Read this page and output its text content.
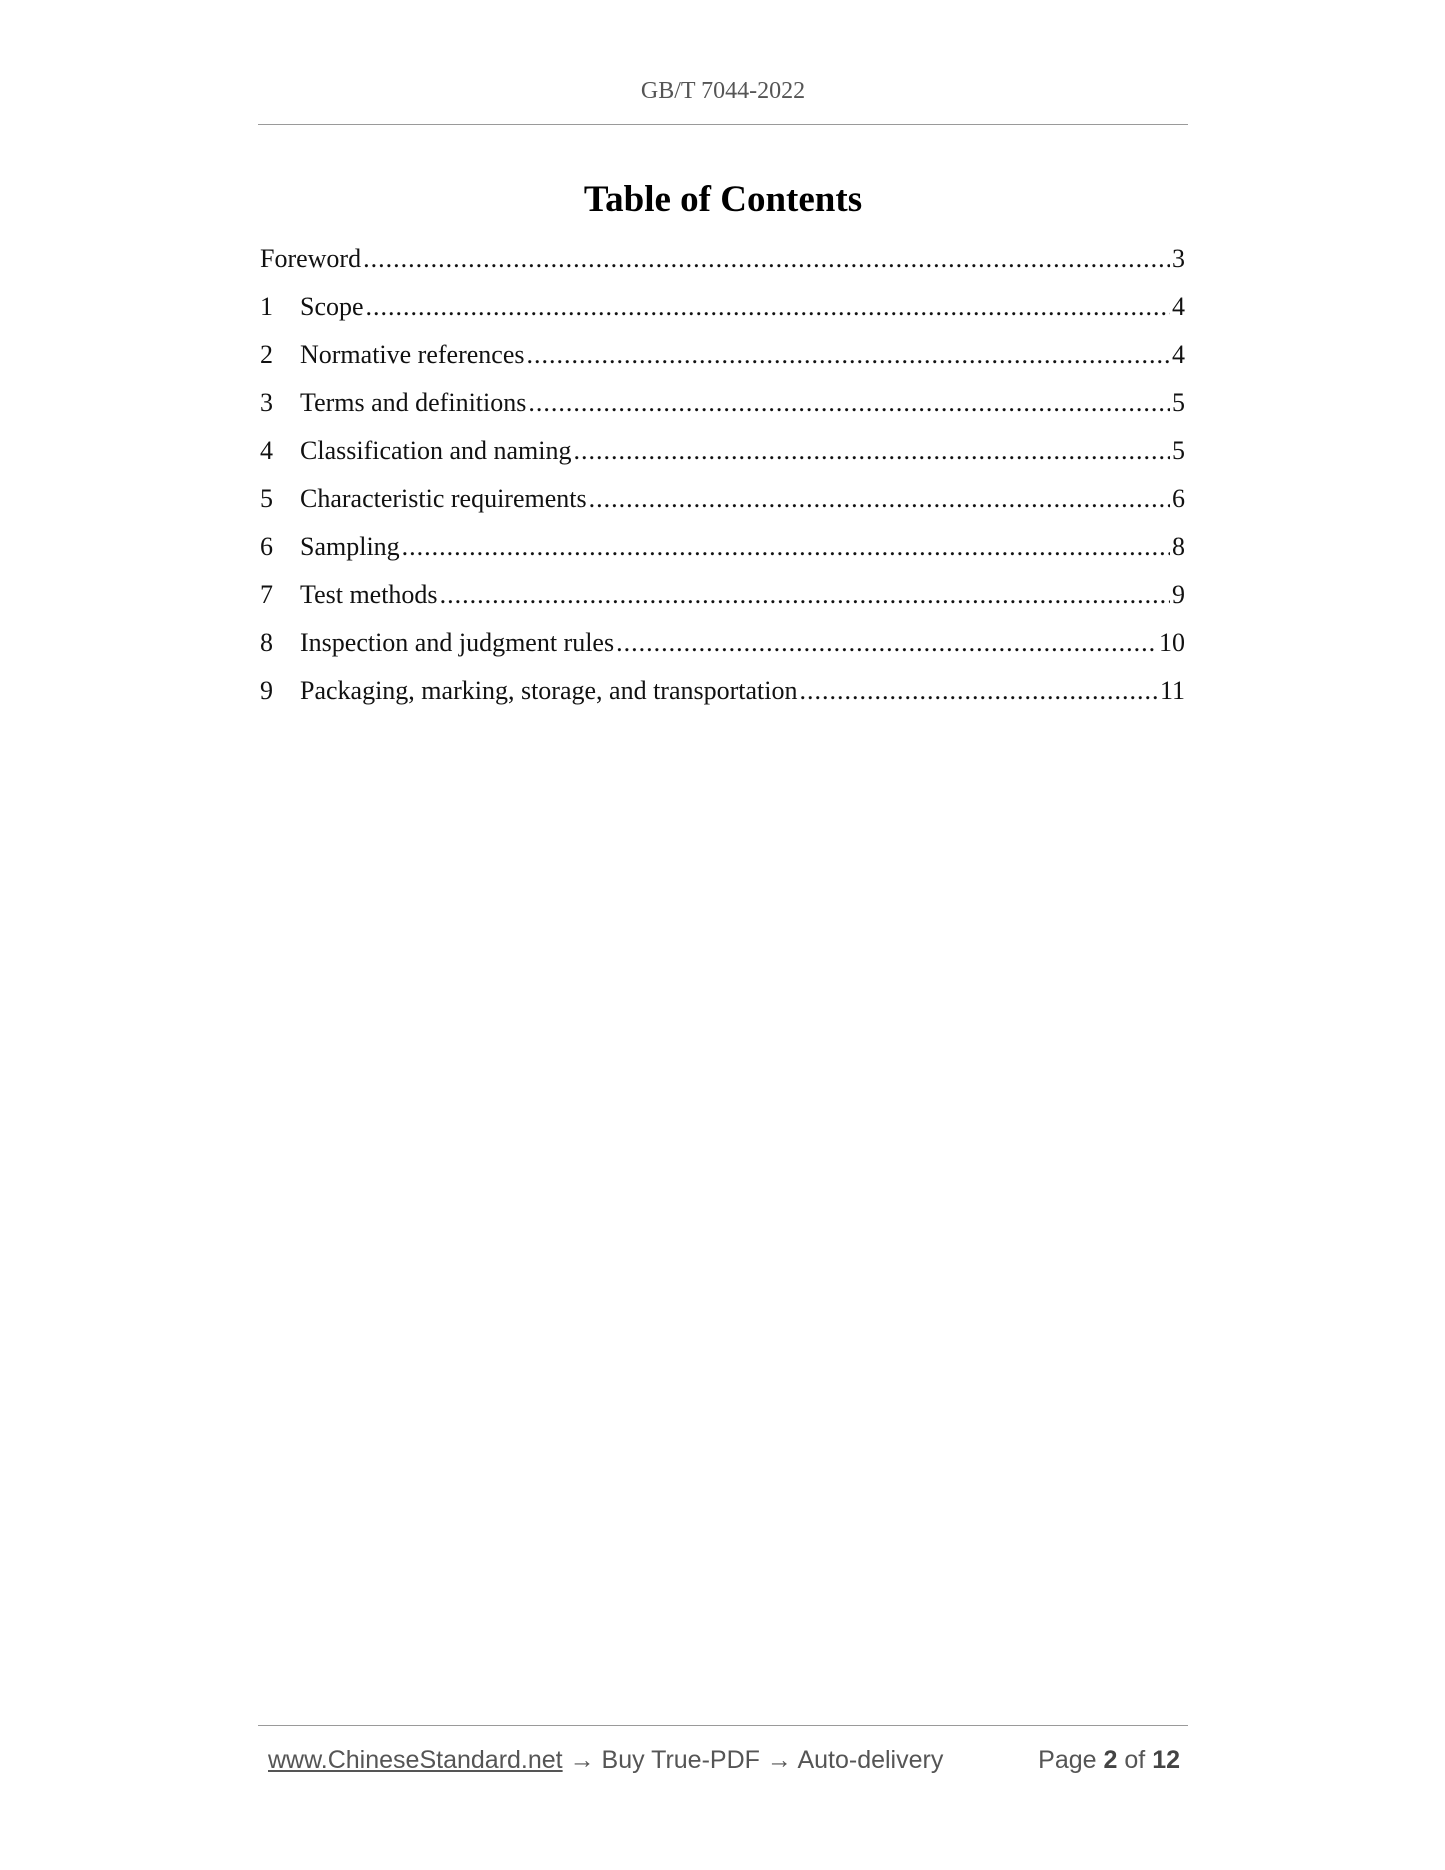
GB/T 7044-2022
Table of Contents
Foreword .....	3
1	Scope .....	4
2	Normative references .....	4
3	Terms and definitions .....	5
4	Classification and naming .....	5
5	Characteristic requirements .....	6
6	Sampling .....	8
7	Test methods .....	9
8	Inspection and judgment rules .....	10
9	Packaging, marking, storage, and transportation .....	11
www.ChineseStandard.net → Buy True-PDF → Auto-delivery	Page 2 of 12
